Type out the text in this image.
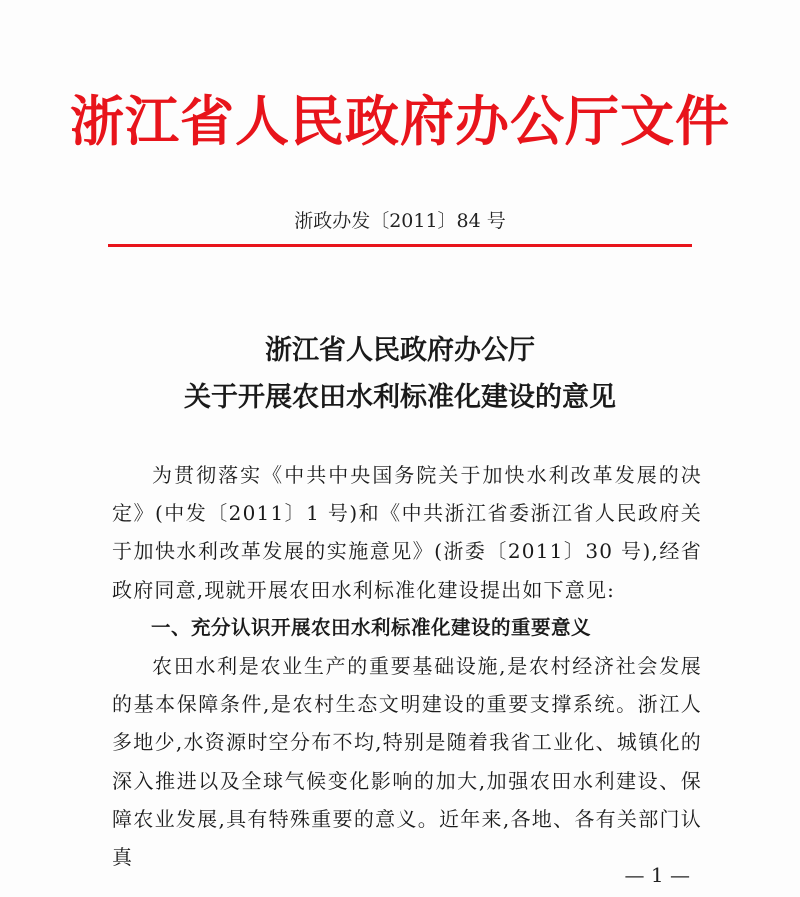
浙江省人民政府办公厅文件
浙政办发〔2011〕84 号
浙江省人民政府办公厅
关于开展农田水利标准化建设的意见

为贯彻落实《中共中央国务院关于加快水利改革发展的决定》(中发〔2011〕1 号)和《中共浙江省委浙江省人民政府关于加快水利改革发展的实施意见》(浙委〔2011〕30 号),经省政府同意,现就开展农田水利标准化建设提出如下意见:

一、充分认识开展农田水利标准化建设的重要意义

农田水利是农业生产的重要基础设施,是农村经济社会发展的基本保障条件,是农村生态文明建设的重要支撑系统。浙江人多地少,水资源时空分布不均,特别是随着我省工业化、城镇化的深入推进以及全球气候变化影响的加大,加强农田水利建设、保障农业发展,具有特殊重要的意义。近年来,各地、各有关部门认真

— 1 —
